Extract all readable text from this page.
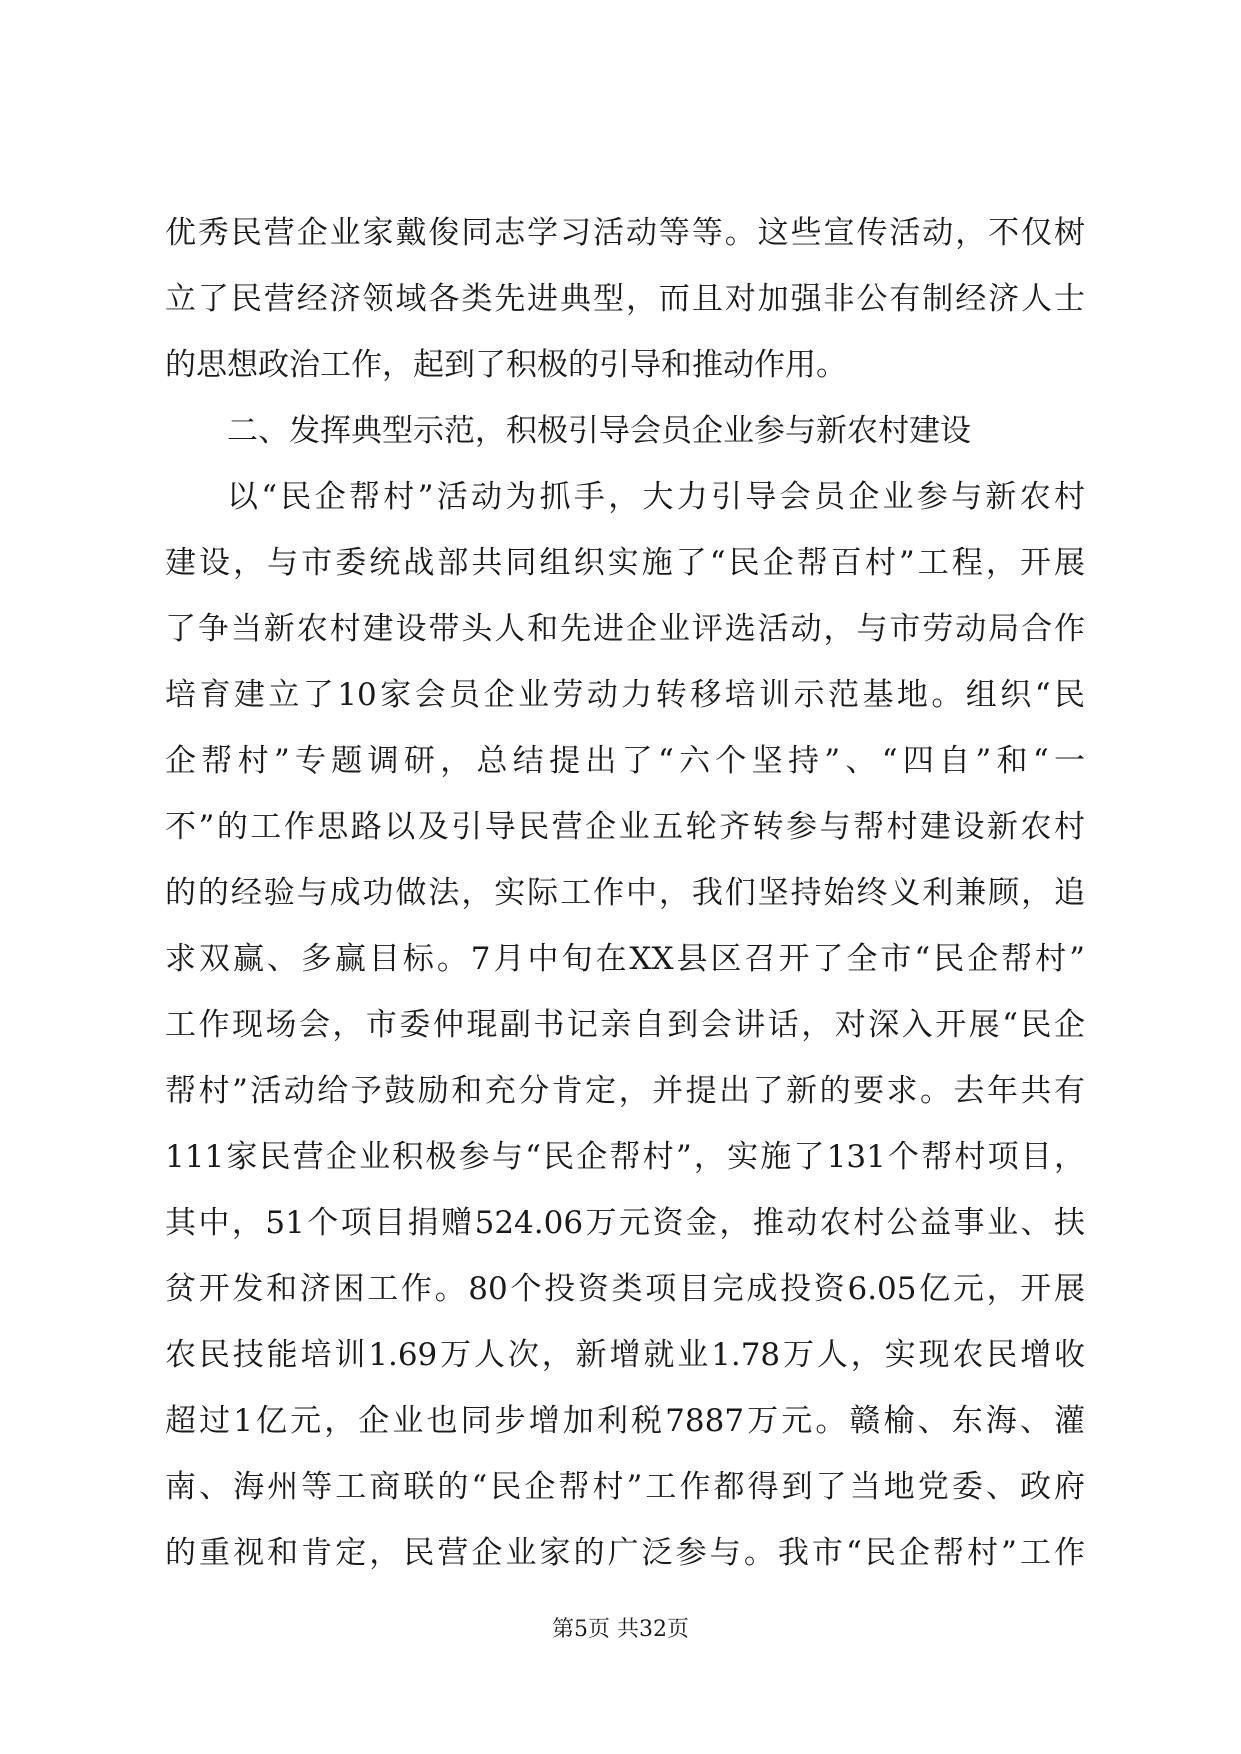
优秀民营企业家戴俊同志学习活动等等。这些宣传活动，不仅树
立了民营经济领域各类先进典型，而且对加强非公有制经济人士
的思想政治工作，起到了积极的引导和推动作用。
二、发挥典型示范，积极引导会员企业参与新农村建设
以“民企帮村”活动为抓手，大力引导会员企业参与新农村
建设，与市委统战部共同组织实施了“民企帮百村”工程，开展
了争当新农村建设带头人和先进企业评选活动，与市劳动局合作
培育建立了10家会员企业劳动力转移培训示范基地。组织“民
企帮村”专题调研，总结提出了“六个坚持”、“四自”和“一
不”的工作思路以及引导民营企业五轮齐转参与帮村建设新农村
的的经验与成功做法，实际工作中，我们坚持始终义利兼顾，追
求双赢、多赢目标。7月中旬在XX县区召开了全市“民企帮村”
工作现场会，市委仲琨副书记亲自到会讲话，对深入开展“民企
帮村”活动给予鼓励和充分肯定，并提出了新的要求。去年共有
111家民营企业积极参与“民企帮村”，实施了131个帮村项目，
其中，51个项目捐赠524.06万元资金，推动农村公益事业、扶
贫开发和济困工作。80个投资类项目完成投资6.05亿元，开展
农民技能培训1.69万人次，新增就业1.78万人，实现农民增收
超过1亿元，企业也同步增加利税7887万元。赣榆、东海、灌
南、海州等工商联的“民企帮村”工作都得到了当地党委、政府
的重视和肯定，民营企业家的广泛参与。我市“民企帮村”工作
第5页 共32页
